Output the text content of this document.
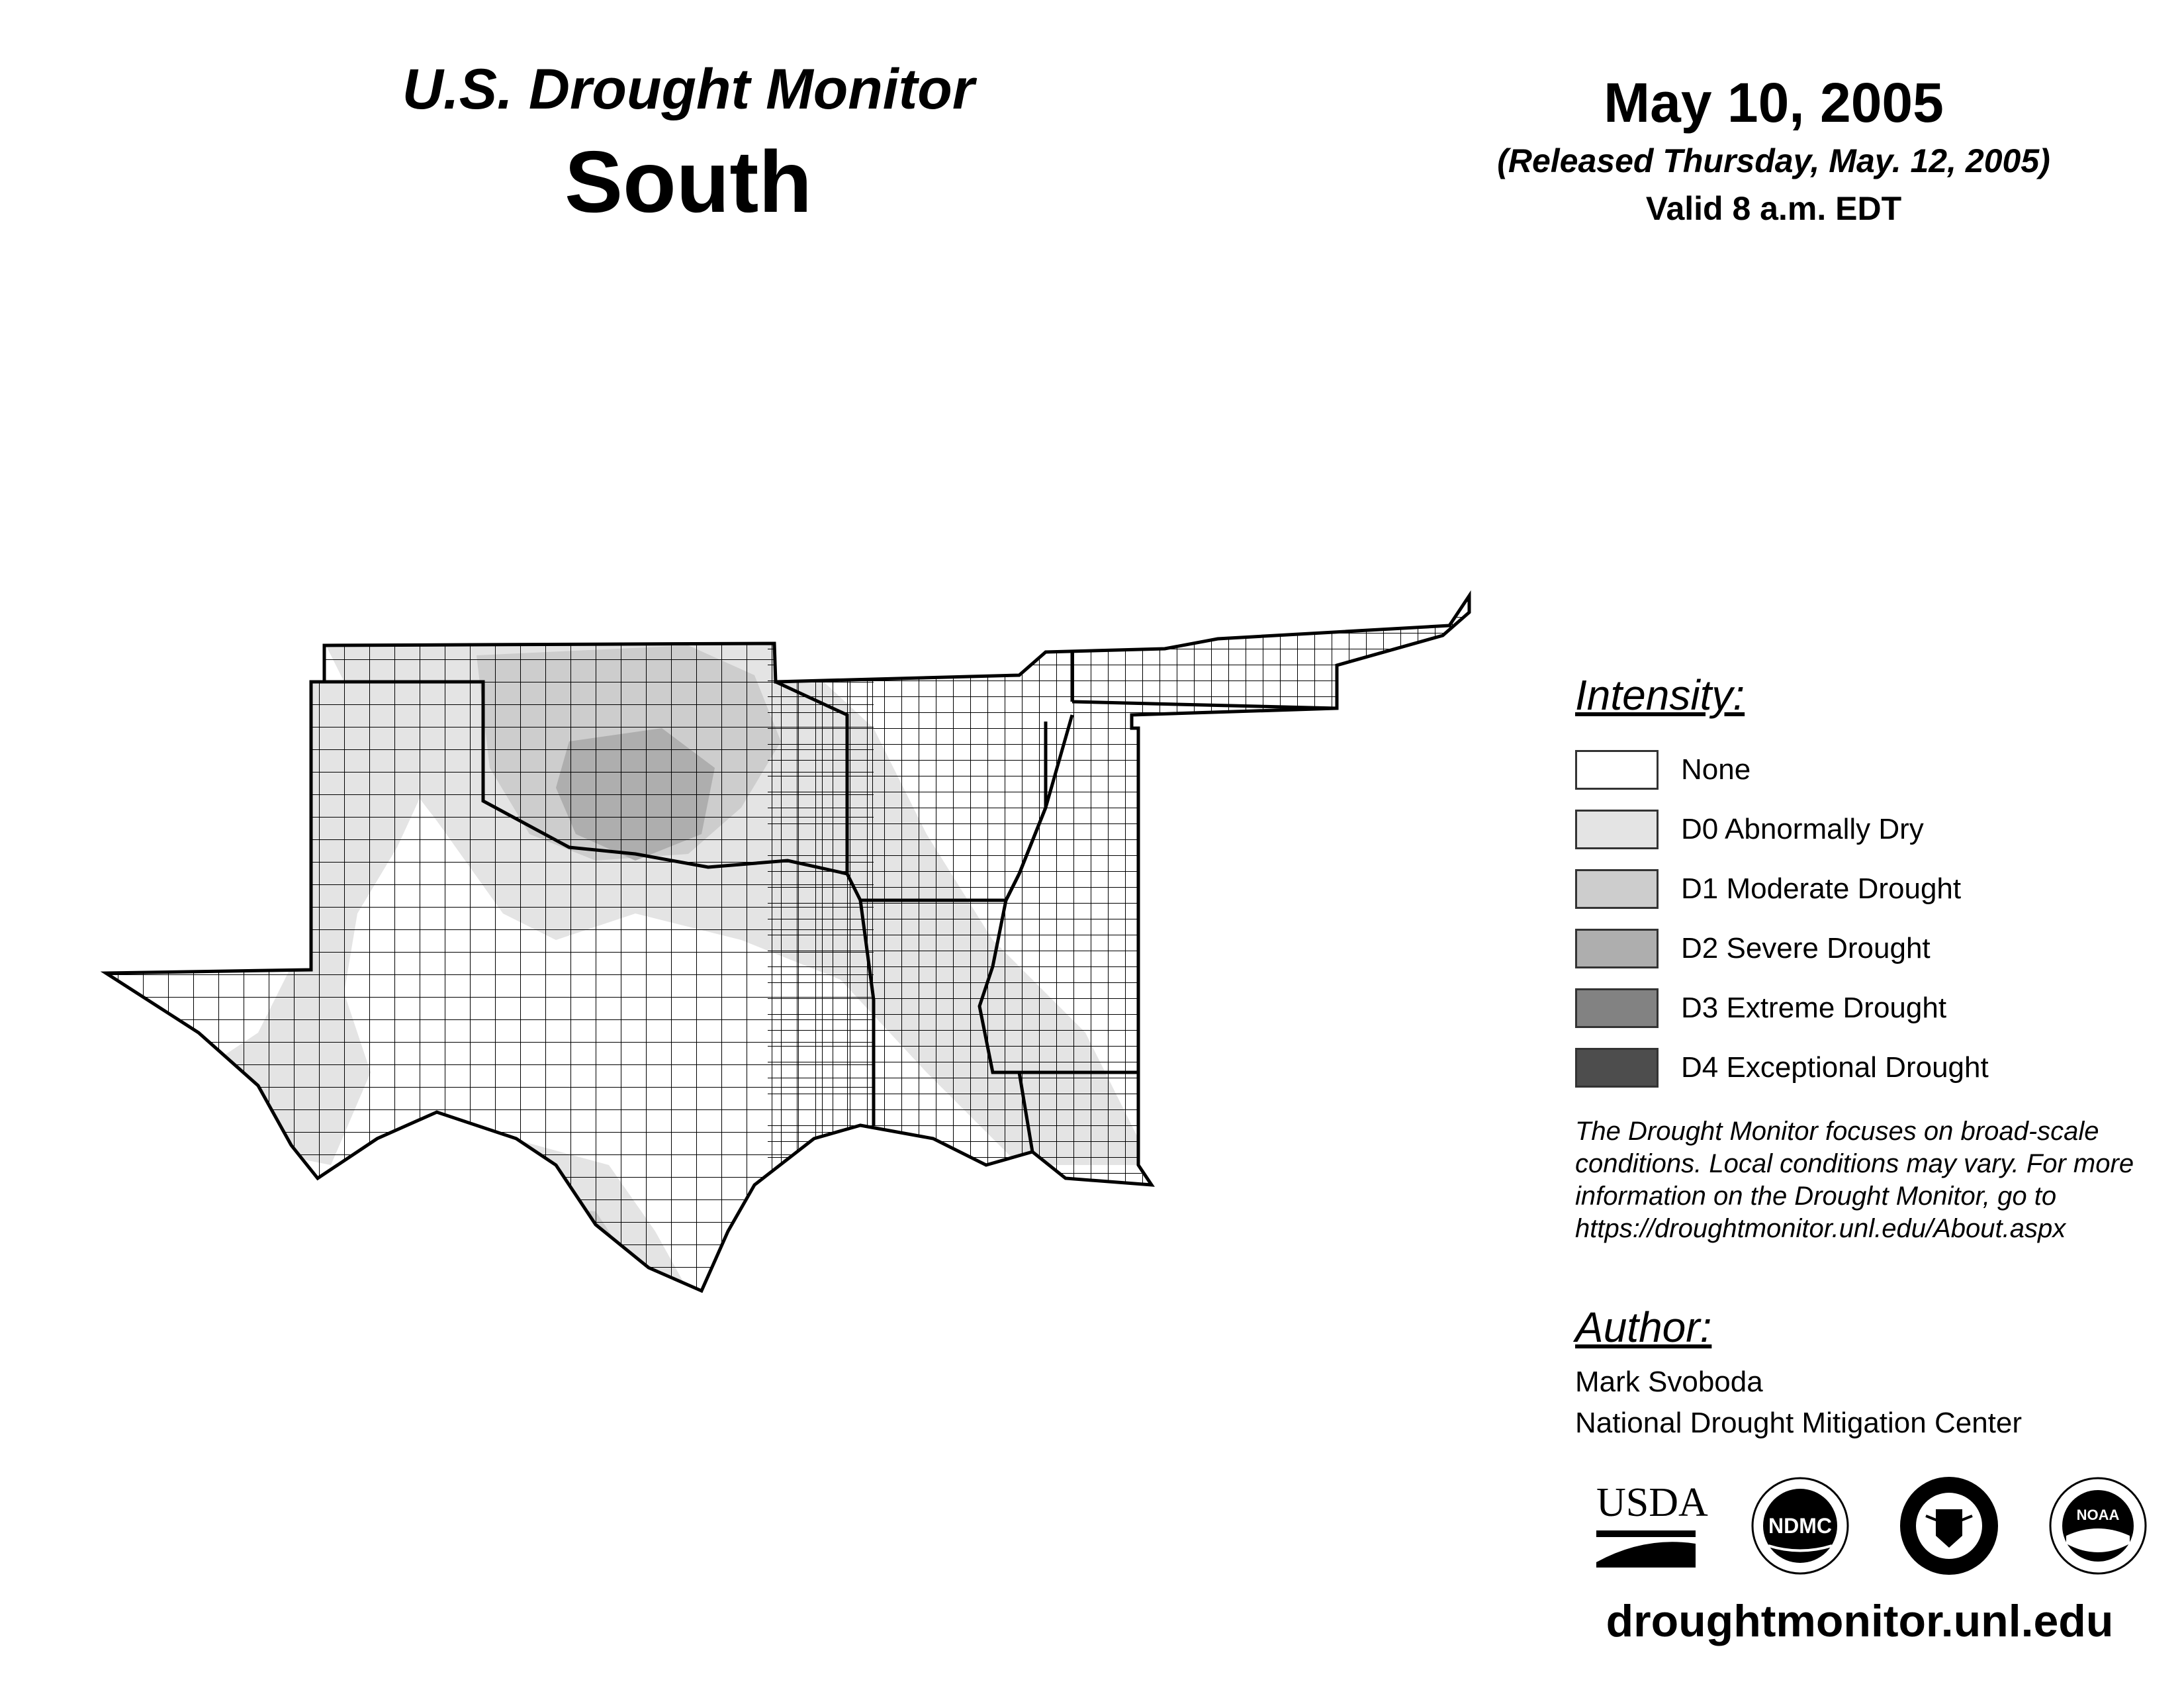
U.S. Drought Monitor
South
May 10, 2005
(Released Thursday, May. 12, 2005)
Valid 8 a.m. EDT
Intensity:
None
D0 Abnormally Dry
D1 Moderate Drought
D2 Severe Drought
D3 Extreme Drought
D4 Exceptional Drought
The Drought Monitor focuses on broad-scale conditions. Local conditions may vary. For more information on the Drought Monitor, go to https://droughtmonitor.unl.edu/About.aspx
Author:
Mark Svoboda
National Drought Mitigation Center
USDA
NDMC	NOAA
droughtmonitor.unl.edu
